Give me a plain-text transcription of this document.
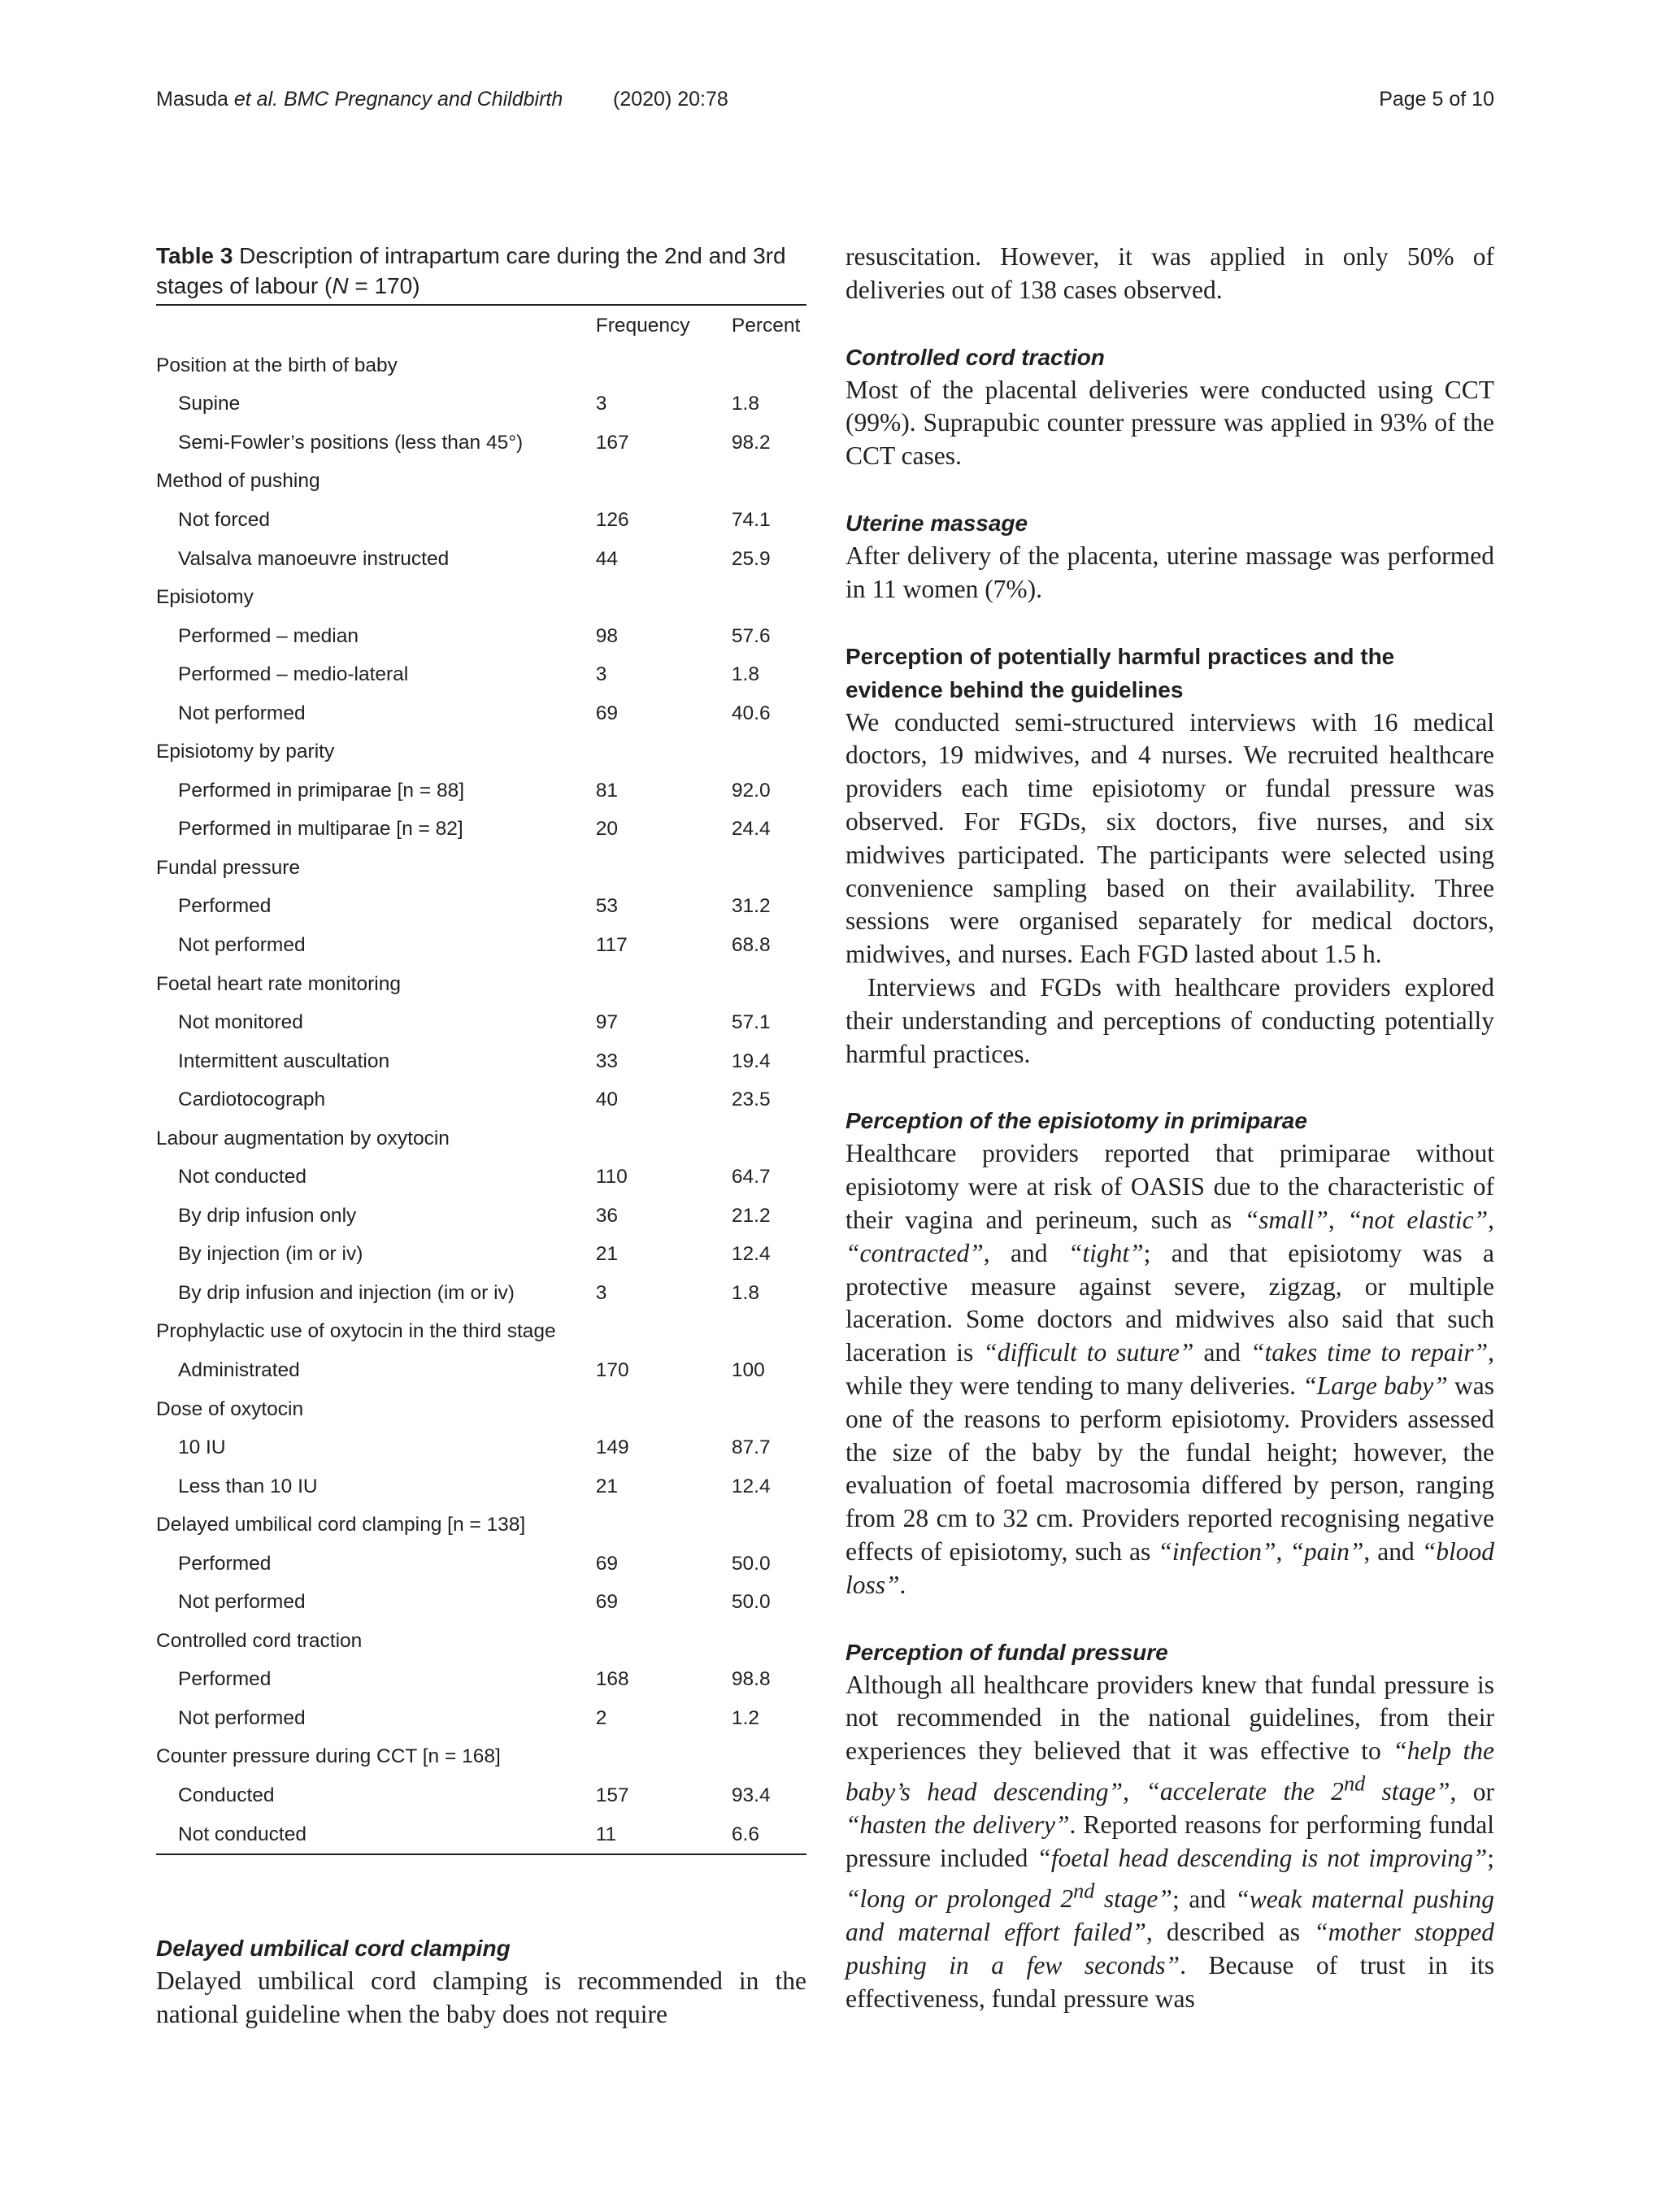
Masuda et al. BMC Pregnancy and Childbirth (2020) 20:78	Page 5 of 10

Table 3 Description of intrapartum care during the 2nd and 3rd stages of labour (N = 170)

	Frequency	Percent
Position at the birth of baby		
Supine	3	1.8
Semi-Fowler’s positions (less than 45°)	167	98.2
Method of pushing		
Not forced	126	74.1
Valsalva manoeuvre instructed	44	25.9
Episiotomy		
Performed – median	98	57.6
Performed – medio-lateral	3	1.8
Not performed	69	40.6
Episiotomy by parity		
Performed in primiparae [n = 88]	81	92.0
Performed in multiparae [n = 82]	20	24.4
Fundal pressure		
Performed	53	31.2
Not performed	117	68.8
Foetal heart rate monitoring		
Not monitored	97	57.1
Intermittent auscultation	33	19.4
Cardiotocograph	40	23.5
Labour augmentation by oxytocin		
Not conducted	110	64.7
By drip infusion only	36	21.2
By injection (im or iv)	21	12.4
By drip infusion and injection (im or iv)	3	1.8
Prophylactic use of oxytocin in the third stage		
Administrated	170	100
Dose of oxytocin		
10 IU	149	87.7
Less than 10 IU	21	12.4
Delayed umbilical cord clamping [n = 138]		
Performed	69	50.0
Not performed	69	50.0
Controlled cord traction		
Performed	168	98.8
Not performed	2	1.2
Counter pressure during CCT [n = 168]		
Conducted	157	93.4
Not conducted	11	6.6

Delayed umbilical cord clamping

Delayed umbilical cord clamping is recommended in the national guideline when the baby does not require

resuscitation. However, it was applied in only 50% of deliveries out of 138 cases observed.

Controlled cord traction

Most of the placental deliveries were conducted using CCT (99%). Suprapubic counter pressure was applied in 93% of the CCT cases.

Uterine massage

After delivery of the placenta, uterine massage was performed in 11 women (7%).

Perception of potentially harmful practices and the evidence behind the guidelines

We conducted semi-structured interviews with 16 medical doctors, 19 midwives, and 4 nurses. We recruited healthcare providers each time episiotomy or fundal pressure was observed. For FGDs, six doctors, five nurses, and six midwives participated. The participants were selected using convenience sampling based on their availability. Three sessions were organised separately for medical doctors, midwives, and nurses. Each FGD lasted about 1.5 h.

Interviews and FGDs with healthcare providers explored their understanding and perceptions of conducting potentially harmful practices.

Perception of the episiotomy in primiparae

Healthcare providers reported that primiparae without episiotomy were at risk of OASIS due to the characteristic of their vagina and perineum, such as “small”, “not elastic”, “contracted”, and “tight”; and that episiotomy was a protective measure against severe, zigzag, or multiple laceration. Some doctors and midwives also said that such laceration is “difficult to suture” and “takes time to repair”, while they were tending to many deliveries. “Large baby” was one of the reasons to perform episiotomy. Providers assessed the size of the baby by the fundal height; however, the evaluation of foetal macrosomia differed by person, ranging from 28 cm to 32 cm. Providers reported recognising negative effects of episiotomy, such as “infection”, “pain”, and “blood loss”.

Perception of fundal pressure

Although all healthcare providers knew that fundal pressure is not recommended in the national guidelines, from their experiences they believed that it was effective to “help the baby’s head descending”, “accelerate the 2nd stage”, or “hasten the delivery”. Reported reasons for performing fundal pressure included “foetal head descending is not improving”; “long or prolonged 2nd stage”; and “weak maternal pushing and maternal effort failed”, described as “mother stopped pushing in a few seconds”. Because of trust in its effectiveness, fundal pressure was
